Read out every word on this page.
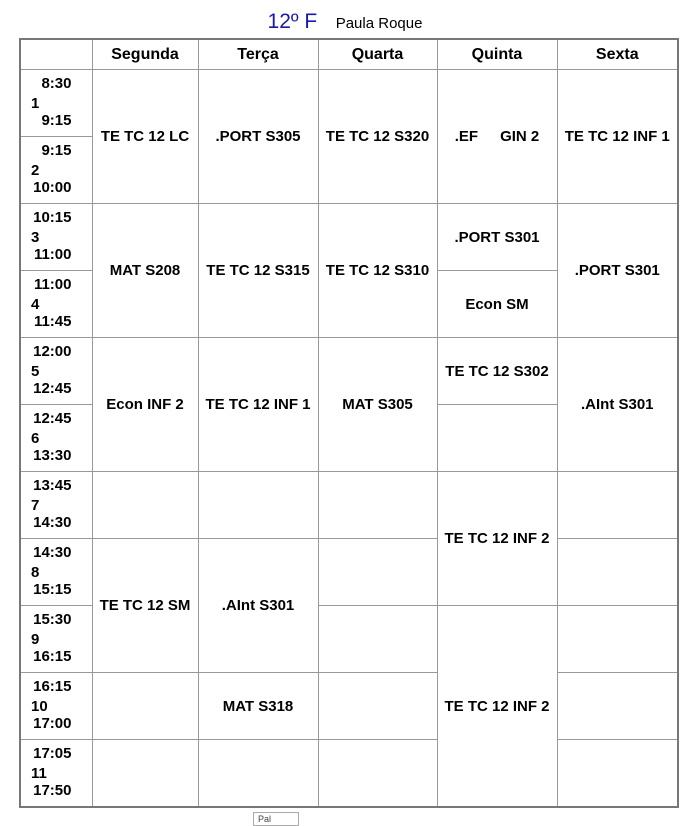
12º F Paula Roque
	Segunda	Terça	Quarta	Quinta	Sexta

8:30
1
9:15	TE TC 12 LC	.PORT S305	TE TC 12 S320	.EF GIN 2	TE TC 12 INF 1

9:15
2
10:00					

10:15
3
11:00	MAT S208	TE TC 12 S315	TE TC 12 S310	.PORT S301	.PORT S301

11:00
4
11:45				Econ SM	

12:00
5
12:45	Econ INF 2	TE TC 12 INF 1	MAT S305	TE TC 12 S302	.AInt S301

12:45
6
13:30					

13:45
7
14:30				TE TC 12 INF 2	

14:30
8
15:15	TE TC 12 SM	.AInt S301			

15:30
9
16:15				TE TC 12 INF 2	

16:15
10
17:00		MAT S318			

17:05
11
17:50					

Pal
